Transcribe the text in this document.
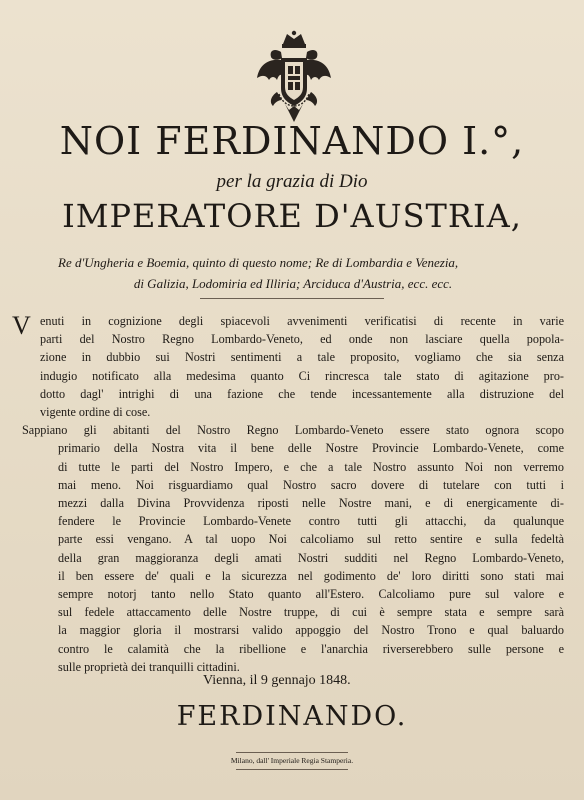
NOI FERDINANDO I.°,
per la grazia di Dio
IMPERATORE D'AUSTRIA,
Re d'Ungheria e Boemia, quinto di questo nome; Re di Lombardia e Venezia,
di Galizia, Lodomiria ed Illiria; Arciduca d'Austria, ecc. ecc.
V enuti in cognizione degli spiacevoli avvenimenti verificatisi di recente in varie
parti del Nostro Regno Lombardo-Veneto, ed onde non lasciare quella popola-
zione in dubbio sui Nostri sentimenti a tale proposito, vogliamo che sia senza
indugio notificato alla medesima quanto Ci rincresca tale stato di agitazione pro-
dotto dagl' intrighi di una fazione che tende incessantemente alla distruzione del
vigente ordine di cose.

Sappiano gli abitanti del Nostro Regno Lombardo-Veneto essere stato ognora scopo
primario della Nostra vita il bene delle Nostre Provincie Lombardo-Venete, come
di tutte le parti del Nostro Impero, e che a tale Nostro assunto Noi non verremo
mai meno. Noi risguardiamo qual Nostro sacro dovere di tutelare con tutti i
mezzi dalla Divina Provvidenza riposti nelle Nostre mani, e di energicamente di-
fendere le Provincie Lombardo-Venete contro tutti gli attacchi, da qualunque
parte essi vengano. A tal uopo Noi calcoliamo sul retto sentire e sulla fedeltà
della gran maggioranza degli amati Nostri sudditi nel Regno Lombardo-Veneto,
il ben essere de' quali e la sicurezza nel godimento de' loro diritti sono stati mai
sempre notorj tanto nello Stato quanto all'Estero. Calcoliamo pure sul valore e
sul fedele attaccamento delle Nostre truppe, di cui è sempre stata e sempre sarà
la maggior gloria il mostrarsi valido appoggio del Nostro Trono e qual baluardo
contro le calamità che la ribellione e l'anarchia riverserebbero sulle persone e
sulle proprietà dei tranquilli cittadini.

Vienna, il 9 gennajo 1848.
FERDINANDO.
Milano, dall' Imperiale Regia Stamperia.
